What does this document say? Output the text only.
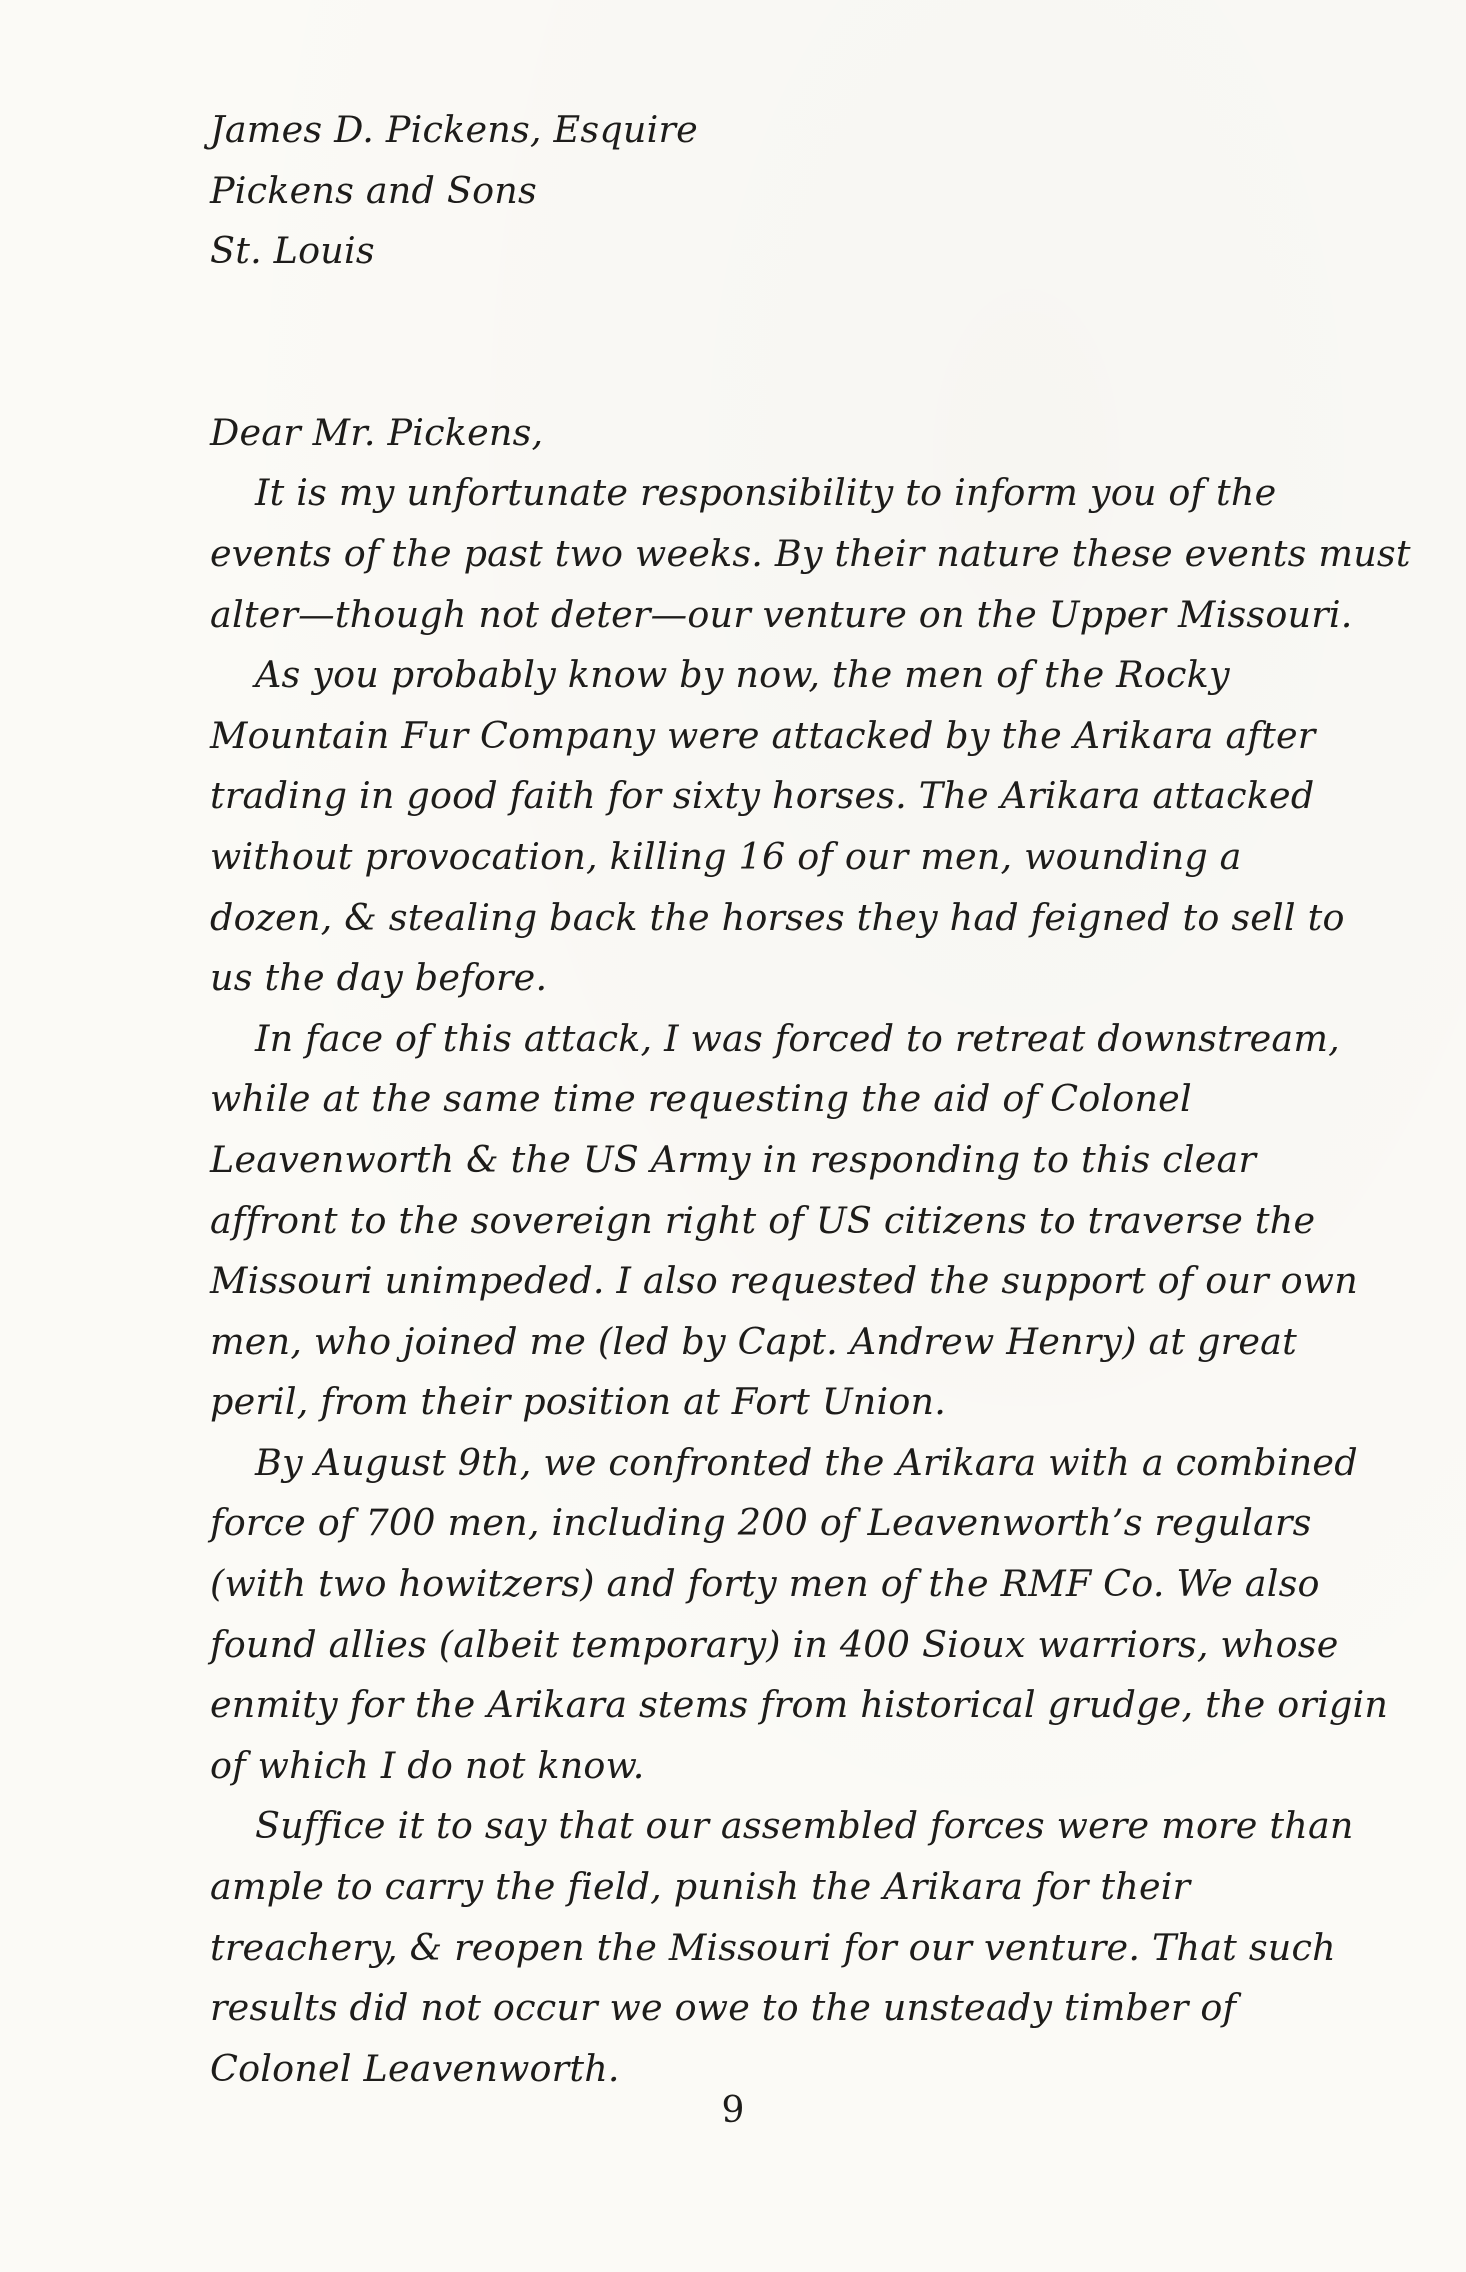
James D. Pickens, Esquire
Pickens and Sons
St. Louis
Dear Mr. Pickens,
It is my unfortunate responsibility to inform you of the
events of the past two weeks. By their nature these events must
alter—though not deter—our venture on the Upper Missouri.
As you probably know by now, the men of the Rocky
Mountain Fur Company were attacked by the Arikara after
trading in good faith for sixty horses. The Arikara attacked
without provocation, killing 16 of our men, wounding a
dozen, & stealing back the horses they had feigned to sell to
us the day before.
In face of this attack, I was forced to retreat downstream,
while at the same time requesting the aid of Colonel
Leavenworth & the US Army in responding to this clear
affront to the sovereign right of US citizens to traverse the
Missouri unimpeded. I also requested the support of our own
men, who joined me (led by Capt. Andrew Henry) at great
peril, from their position at Fort Union.
By August 9th, we confronted the Arikara with a combined
force of 700 men, including 200 of Leavenworth’s regulars
(with two howitzers) and forty men of the RMF Co. We also
found allies (albeit temporary) in 400 Sioux warriors, whose
enmity for the Arikara stems from historical grudge, the origin
of which I do not know.
Suffice it to say that our assembled forces were more than
ample to carry the field, punish the Arikara for their
treachery, & reopen the Missouri for our venture. That such
results did not occur we owe to the unsteady timber of
Colonel Leavenworth.
9
